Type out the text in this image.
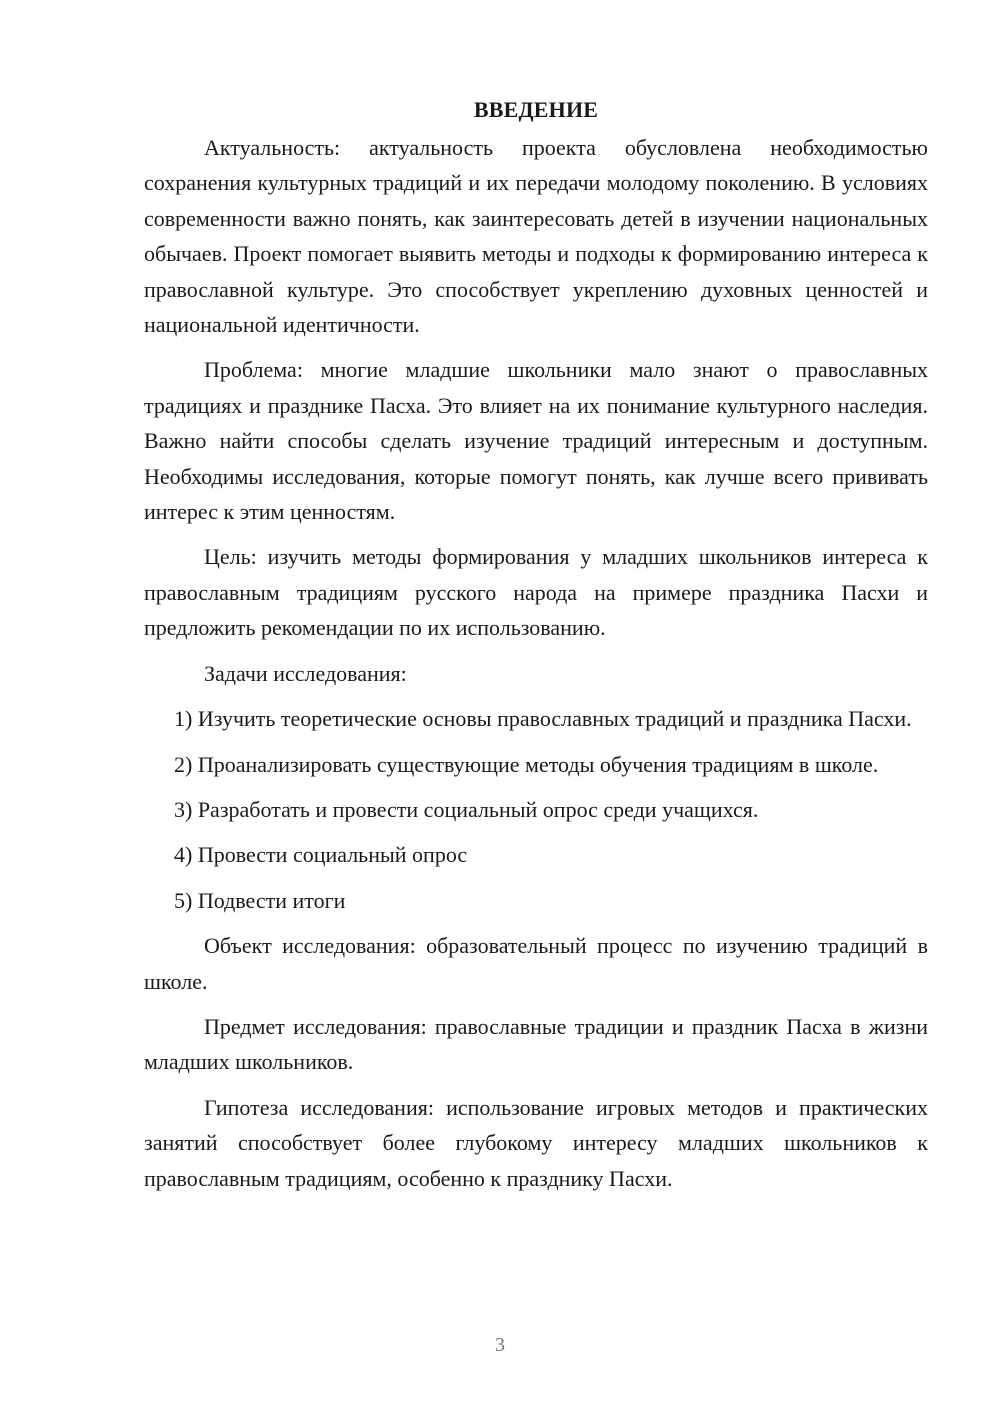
ВВЕДЕНИЕ

Актуальность: актуальность проекта обусловлена необходимостью сохранения культурных традиций и их передачи молодому поколению. В условиях современности важно понять, как заинтересовать детей в изучении национальных обычаев. Проект помогает выявить методы и подходы к формированию интереса к православной культуре. Это способствует укреплению духовных ценностей и национальной идентичности.

Проблема: многие младшие школьники мало знают о православных традициях и празднике Пасха. Это влияет на их понимание культурного наследия. Важно найти способы сделать изучение традиций интересным и доступным. Необходимы исследования, которые помогут понять, как лучше всего прививать интерес к этим ценностям.

Цель: изучить методы формирования у младших школьников интереса к православным традициям русского народа на примере праздника Пасхи и предложить рекомендации по их использованию.

Задачи исследования:

1) Изучить теоретические основы православных традиций и праздника Пасхи.

2) Проанализировать существующие методы обучения традициям в школе.

3) Разработать и провести социальный опрос среди учащихся.

4) Провести социальный опрос

5) Подвести итоги

Объект исследования: образовательный процесс по изучению традиций в школе.

Предмет исследования: православные традиции и праздник Пасха в жизни младших школьников.

Гипотеза исследования: использование игровых методов и практических занятий способствует более глубокому интересу младших школьников к православным традициям, особенно к празднику Пасхи.

3
